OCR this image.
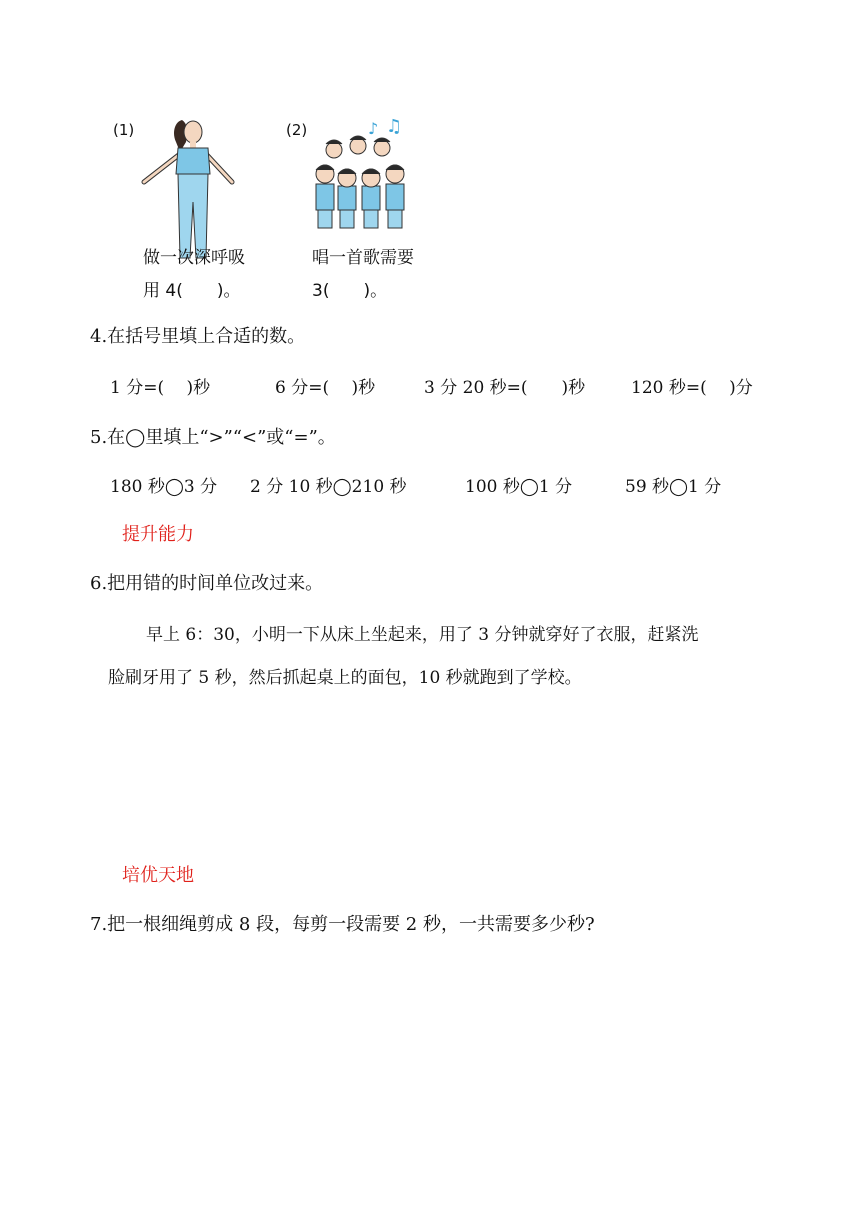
(1)
做一次深呼吸
用 4(　　)。
(2)	♪ ♫
唱一首歌需要
3(　　)。
4.在括号里填上合适的数。
1 分=(　 )秒	6 分=(　 )秒	3 分 20 秒=(　　)秒	120 秒=(　 )分
5.在◯里填上“>”“<”或“=”。
180 秒◯3 分 2 分 10 秒◯210 秒	100 秒◯1 分	59 秒◯1 分
提升能力
6.把用错的时间单位改过来。
早上 6：30，小明一下从床上坐起来，用了 3 分钟就穿好了衣服，赶紧洗
脸刷牙用了 5 秒，然后抓起桌上的面包，10 秒就跑到了学校。
培优天地
7.把一根细绳剪成 8 段，每剪一段需要 2 秒，一共需要多少秒?
